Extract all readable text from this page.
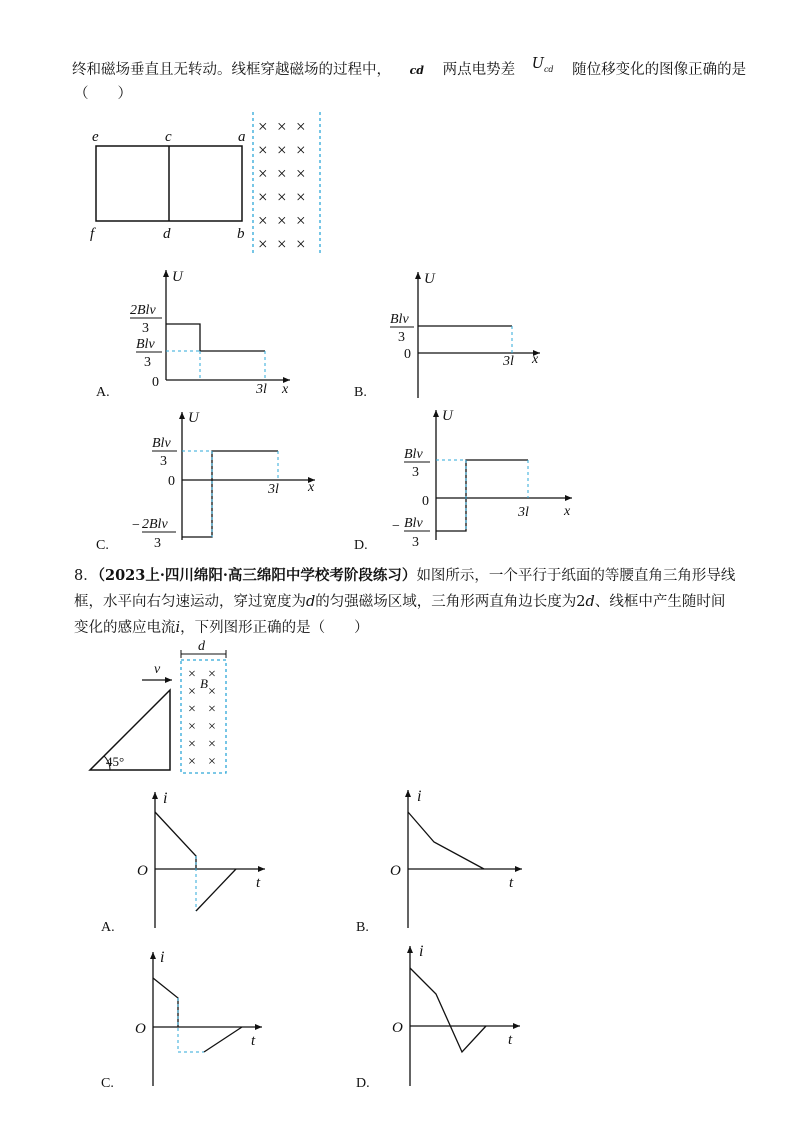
终和磁场垂直且无转动。线框穿越磁场的过程中， cd 两点电势差 Ucd 随位移变化的图像正确的是
（　　）
e	c	a
f	d	b
× × ×
× × ×
× × ×
× × ×
× × ×
× × ×
U
x
0
2Blv
3
Blv
3
3l
U
x
0
Blv
3
3l
U
x
0
Blv
3
− 2Blv
3
3l
U
x
0
Blv
3
− Blv
3
3l
A.	B.
C.	D.
8．（2023上·四川绵阳·高三绵阳中学校考阶段练习）如图所示，一个平行于纸面的等腰直角三角形导线
框，水平向右匀速运动，穿过宽度为d的匀强磁场区域，三角形两直角边长度为2d、线框中产生随时间
变化的感应电流i，下列图形正确的是（　　）
45°
v
d
B
× ×
× ×
× ×
× ×
× ×
× ×
i
t
O
i
t
O
i
t
O
i
t
O
A.	B.
C.	D.
